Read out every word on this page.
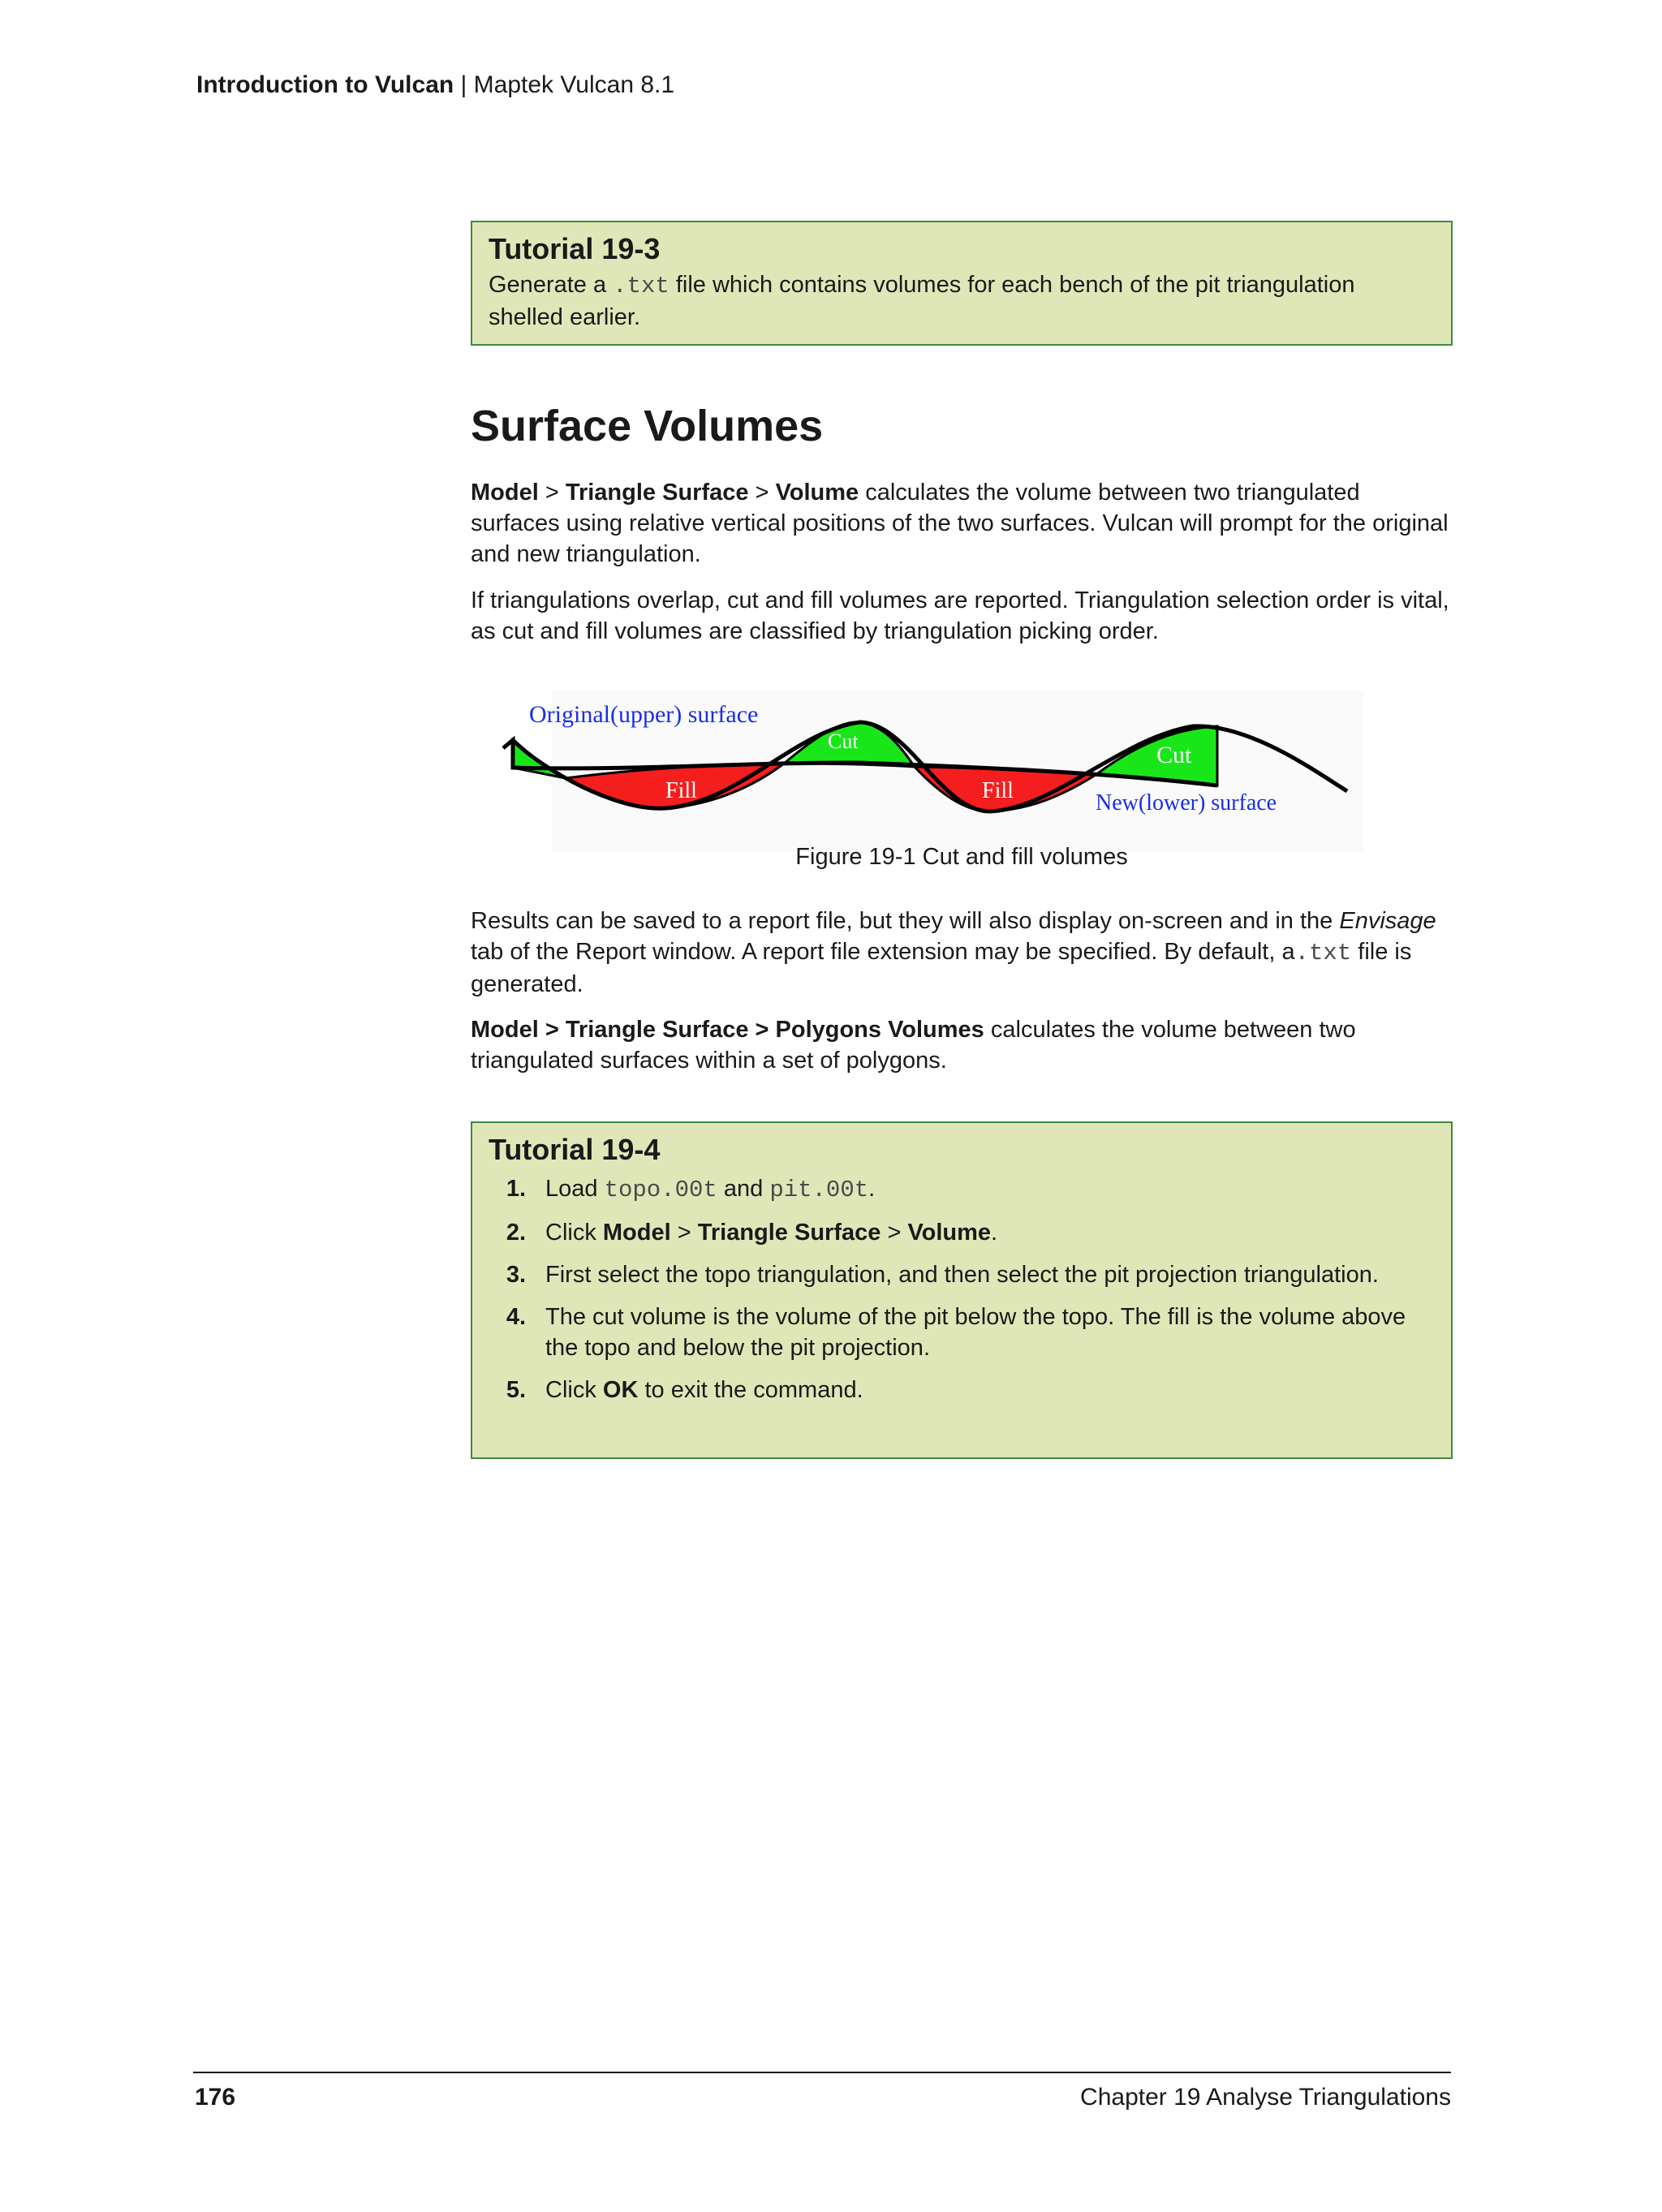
Introduction to Vulcan | Maptek Vulcan 8.1
Tutorial 19-3
Generate a .txt file which contains volumes for each bench of the pit triangulation shelled earlier.
Surface Volumes

Model > Triangle Surface > Volume calculates the volume between two triangulated surfaces using relative vertical positions of the two surfaces. Vulcan will prompt for the original and new triangulation.

If triangulations overlap, cut and fill volumes are reported. Triangulation selection order is vital, as cut and fill volumes are classified by triangulation picking order.

Original(upper) surface
New(lower) surface
Cut
Cut
Fill	Fill
Figure 19-1 Cut and fill volumes

Results can be saved to a report file, but they will also display on-screen and in the Envisage tab of the Report window. A report file extension may be specified. By default, a.txt file is generated.

Model > Triangle Surface > Polygons Volumes calculates the volume between two triangulated surfaces within a set of polygons.

Tutorial 19-4
1. Load topo.00t and pit.00t.
2. Click Model > Triangle Surface > Volume.
3. First select the topo triangulation, and then select the pit projection triangulation.
4. The cut volume is the volume of the pit below the topo. The fill is the volume above the topo and below the pit projection.
5. Click OK to exit the command.
176	Chapter 19 Analyse Triangulations
